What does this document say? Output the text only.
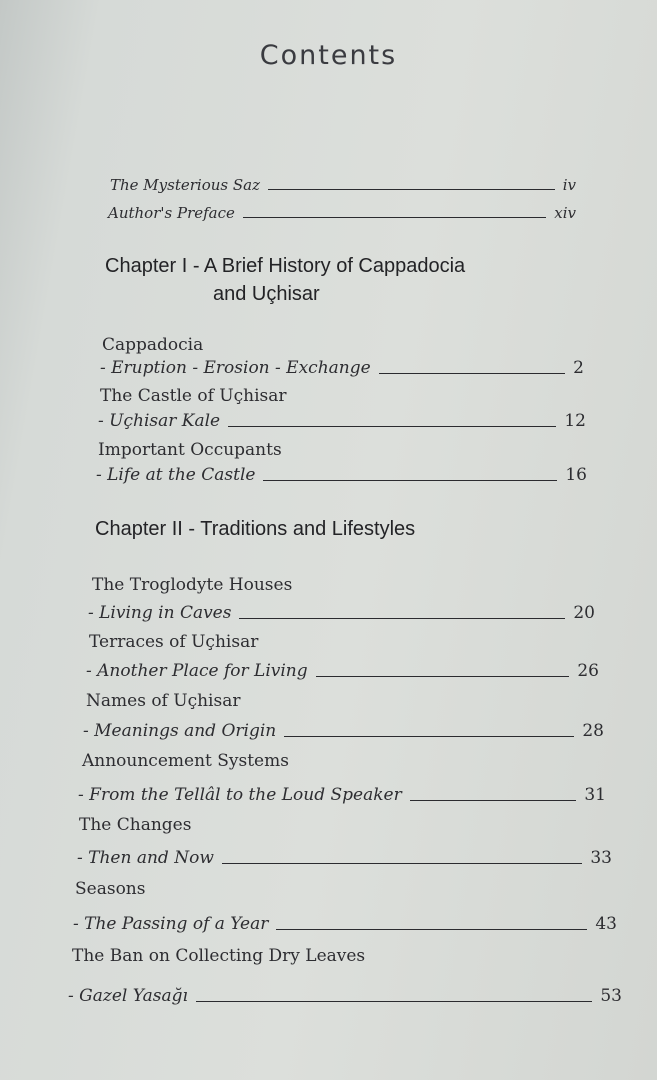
Contents
The Mysterious Saz	iv
Author's Preface	xiv
Chapter I - A Brief History of Cappadocia
and Uçhisar
Cappadocia
- Eruption - Erosion - Exchange	2
The Castle of Uçhisar
- Uçhisar Kale	12
Important Occupants
- Life at the Castle	16
Chapter II - Traditions and Lifestyles
The Troglodyte Houses
- Living in Caves	20
Terraces of Uçhisar
- Another Place for Living	26
Names of Uçhisar
- Meanings and Origin	28
Announcement Systems
- From the Tellâl to the Loud Speaker	31
The Changes
- Then and Now	33
Seasons
- The Passing of a Year	43
The Ban on Collecting Dry Leaves
- Gazel Yasağı	53
